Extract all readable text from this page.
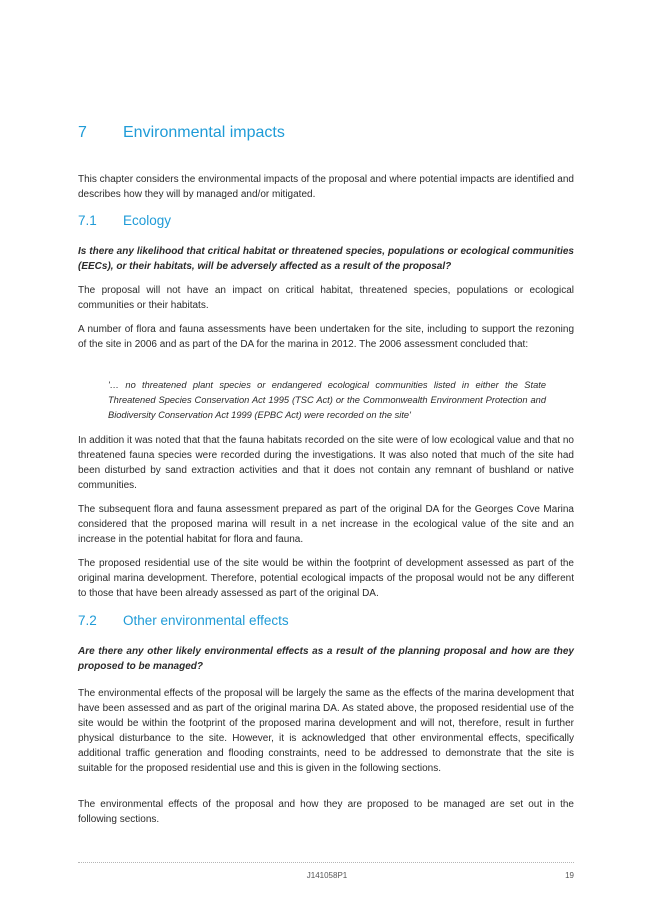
7 Environmental impacts

This chapter considers the environmental impacts of the proposal and where potential impacts are identified and describes how they will by managed and/or mitigated.

7.1 Ecology
Is there any likelihood that critical habitat or threatened species, populations or ecological communities (EECs), or their habitats, will be adversely affected as a result of the proposal?

The proposal will not have an impact on critical habitat, threatened species, populations or ecological communities or their habitats.

A number of flora and fauna assessments have been undertaken for the site, including to support the rezoning of the site in 2006 and as part of the DA for the marina in 2012. The 2006 assessment concluded that:

'… no threatened plant species or endangered ecological communities listed in either the State Threatened Species Conservation Act 1995 (TSC Act) or the Commonwealth Environment Protection and Biodiversity Conservation Act 1999 (EPBC Act) were recorded on the site'

In addition it was noted that that the fauna habitats recorded on the site were of low ecological value and that no threatened fauna species were recorded during the investigations. It was also noted that much of the site had been disturbed by sand extraction activities and that it does not contain any remnant of bushland or native communities.

The subsequent flora and fauna assessment prepared as part of the original DA for the Georges Cove Marina considered that the proposed marina will result in a net increase in the ecological value of the site and an increase in the potential habitat for flora and fauna.

The proposed residential use of the site would be within the footprint of development assessed as part of the original marina development. Therefore, potential ecological impacts of the proposal would not be any different to those that have been already assessed as part of the original DA.

7.2 Other environmental effects
Are there any other likely environmental effects as a result of the planning proposal and how are they proposed to be managed?

The environmental effects of the proposal will be largely the same as the effects of the marina development that have been assessed and as part of the original marina DA. As stated above, the proposed residential use of the site would be within the footprint of the proposed marina development and will not, therefore, result in further physical disturbance to the site. However, it is acknowledged that other environmental effects, specifically additional traffic generation and flooding constraints, need to be addressed to demonstrate that the site is suitable for the proposed residential use and this is given in the following sections.

The environmental effects of the proposal and how they are proposed to be managed are set out in the following sections.

J141058P1	19
